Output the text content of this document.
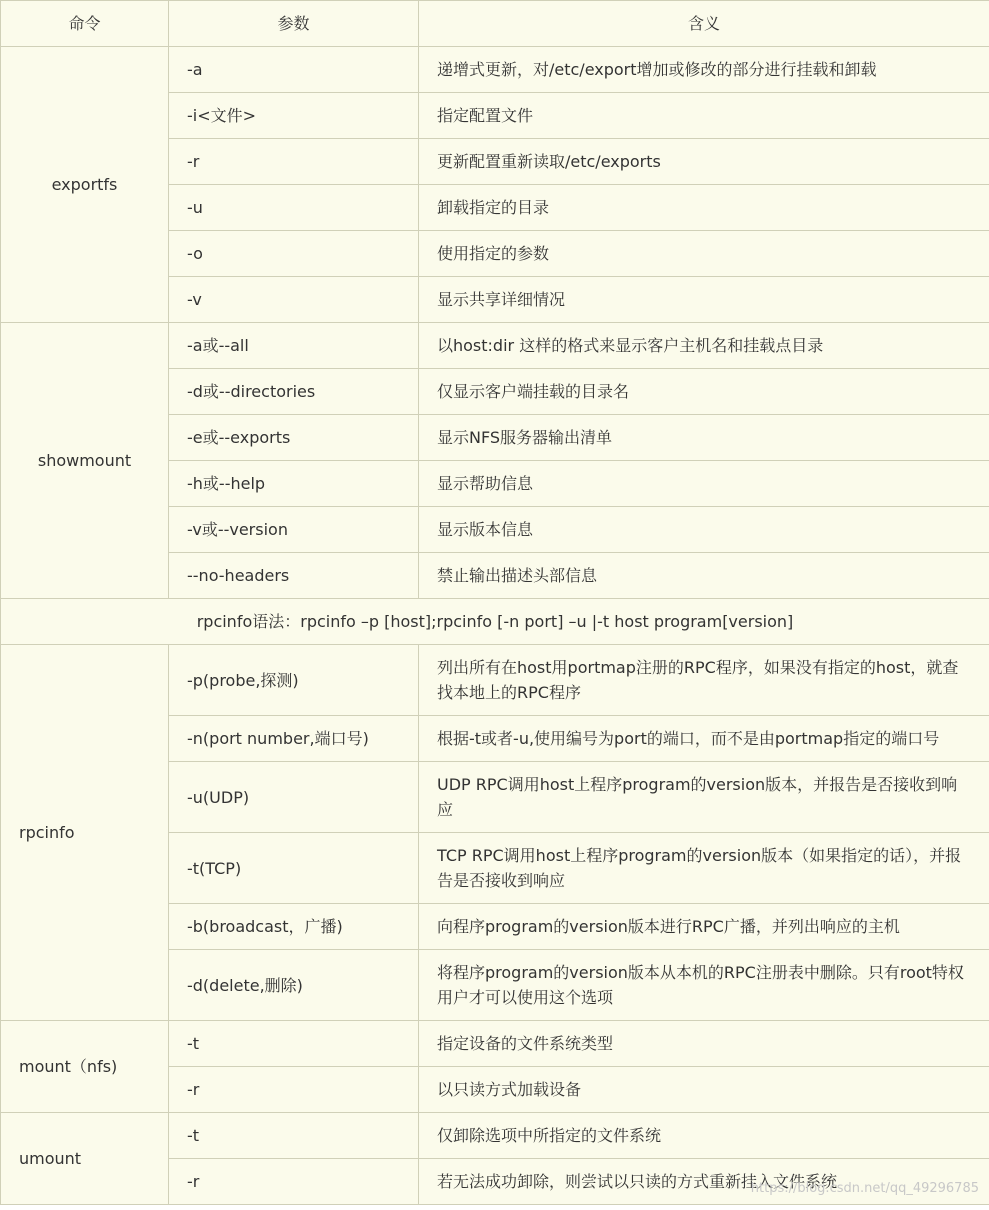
命令	参数	含义
exportfs	-a	递增式更新，对/etc/export增加或修改的部分进行挂载和卸载
	-i<文件>	指定配置文件
	-r	更新配置重新读取/etc/exports
	-u	卸载指定的目录
	-o	使用指定的参数
	-v	显示共享详细情况
showmount	-a或--all	以host:dir 这样的格式来显示客户主机名和挂载点目录
	-d或--directories	仅显示客户端挂载的目录名
	-e或--exports	显示NFS服务器输出清单
	-h或--help	显示帮助信息
	-v或--version	显示版本信息
	--no-headers	禁止输出描述头部信息
rpcinfo语法：rpcinfo –p [host];rpcinfo [-n port] –u |-t host program[version]		
rpcinfo	-p(probe,探测)	列出所有在host用portmap注册的RPC程序，如果没有指定的host，就查找本地上的RPC程序
	-n(port number,端口号)	根据-t或者-u,使用编号为port的端口，而不是由portmap指定的端口号
	-u(UDP)	UDP RPC调用host上程序program的version版本，并报告是否接收到响应
	-t(TCP)	TCP RPC调用host上程序program的version版本（如果指定的话），并报告是否接收到响应
	-b(broadcast，广播)	向程序program的version版本进行RPC广播，并列出响应的主机
	-d(delete,删除)	将程序program的version版本从本机的RPC注册表中删除。只有root特权用户才可以使用这个选项
mount（nfs)	-t	指定设备的文件系统类型
	-r	以只读方式加载设备
umount	-t	仅卸除选项中所指定的文件系统
	-r	若无法成功卸除，则尝试以只读的方式重新挂入文件系统
https://blog.csdn.net/qq_49296785
